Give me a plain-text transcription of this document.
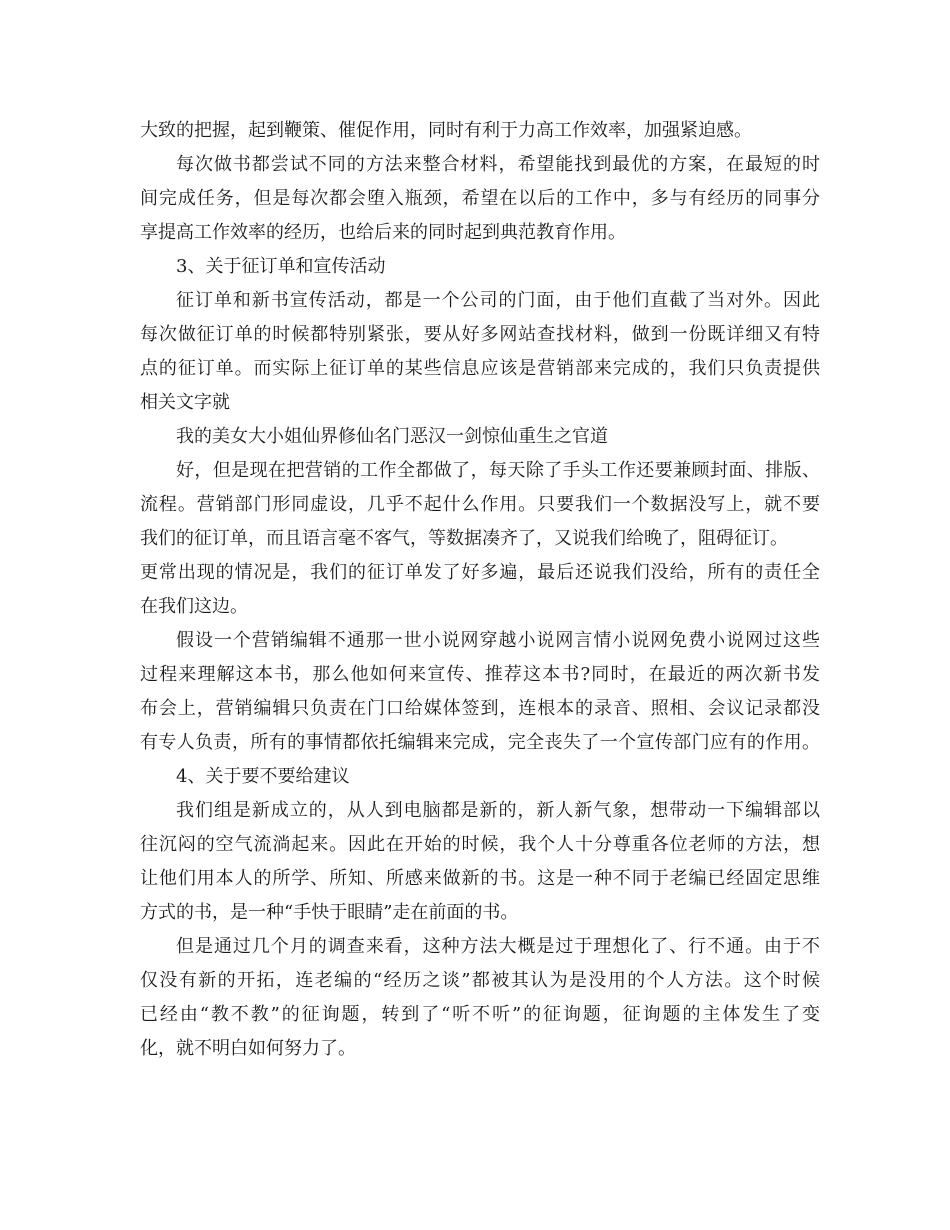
大致的把握，起到鞭策、催促作用，同时有利于力高工作效率，加强紧迫感。
每次做书都尝试不同的方法来整合材料，希望能找到最优的方案，在最短的时
间完成任务，但是每次都会堕入瓶颈，希望在以后的工作中，多与有经历的同事分
享提高工作效率的经历，也给后来的同时起到典范教育作用。
3、关于征订单和宣传活动
征订单和新书宣传活动，都是一个公司的门面，由于他们直截了当对外。因此
每次做征订单的时候都特别紧张，要从好多网站查找材料，做到一份既详细又有特
点的征订单。而实际上征订单的某些信息应该是营销部来完成的，我们只负责提供
相关文字就
我的美女大小姐仙界修仙名门恶汉一剑惊仙重生之官道
好，但是现在把营销的工作全都做了，每天除了手头工作还要兼顾封面、排版、
流程。营销部门形同虚设，几乎不起什么作用。只要我们一个数据没写上，就不要
我们的征订单，而且语言毫不客气，等数据凑齐了，又说我们给晚了，阻碍征订。
更常出现的情况是，我们的征订单发了好多遍，最后还说我们没给，所有的责任全
在我们这边。
假设一个营销编辑不通那一世小说网穿越小说网言情小说网免费小说网过这些
过程来理解这本书，那么他如何来宣传、推荐这本书?同时，在最近的两次新书发
布会上，营销编辑只负责在门口给媒体签到，连根本的录音、照相、会议记录都没
有专人负责，所有的事情都依托编辑来完成，完全丧失了一个宣传部门应有的作用。
4、关于要不要给建议
我们组是新成立的，从人到电脑都是新的，新人新气象，想带动一下编辑部以
往沉闷的空气流淌起来。因此在开始的时候，我个人十分尊重各位老师的方法，想
让他们用本人的所学、所知、所感来做新的书。这是一种不同于老编已经固定思维
方式的书，是一种“手快于眼睛”走在前面的书。
但是通过几个月的调查来看，这种方法大概是过于理想化了、行不通。由于不
仅没有新的开拓，连老编的“经历之谈”都被其认为是没用的个人方法。这个时候
已经由“教不教”的征询题，转到了“听不听”的征询题，征询题的主体发生了变
化，就不明白如何努力了。
